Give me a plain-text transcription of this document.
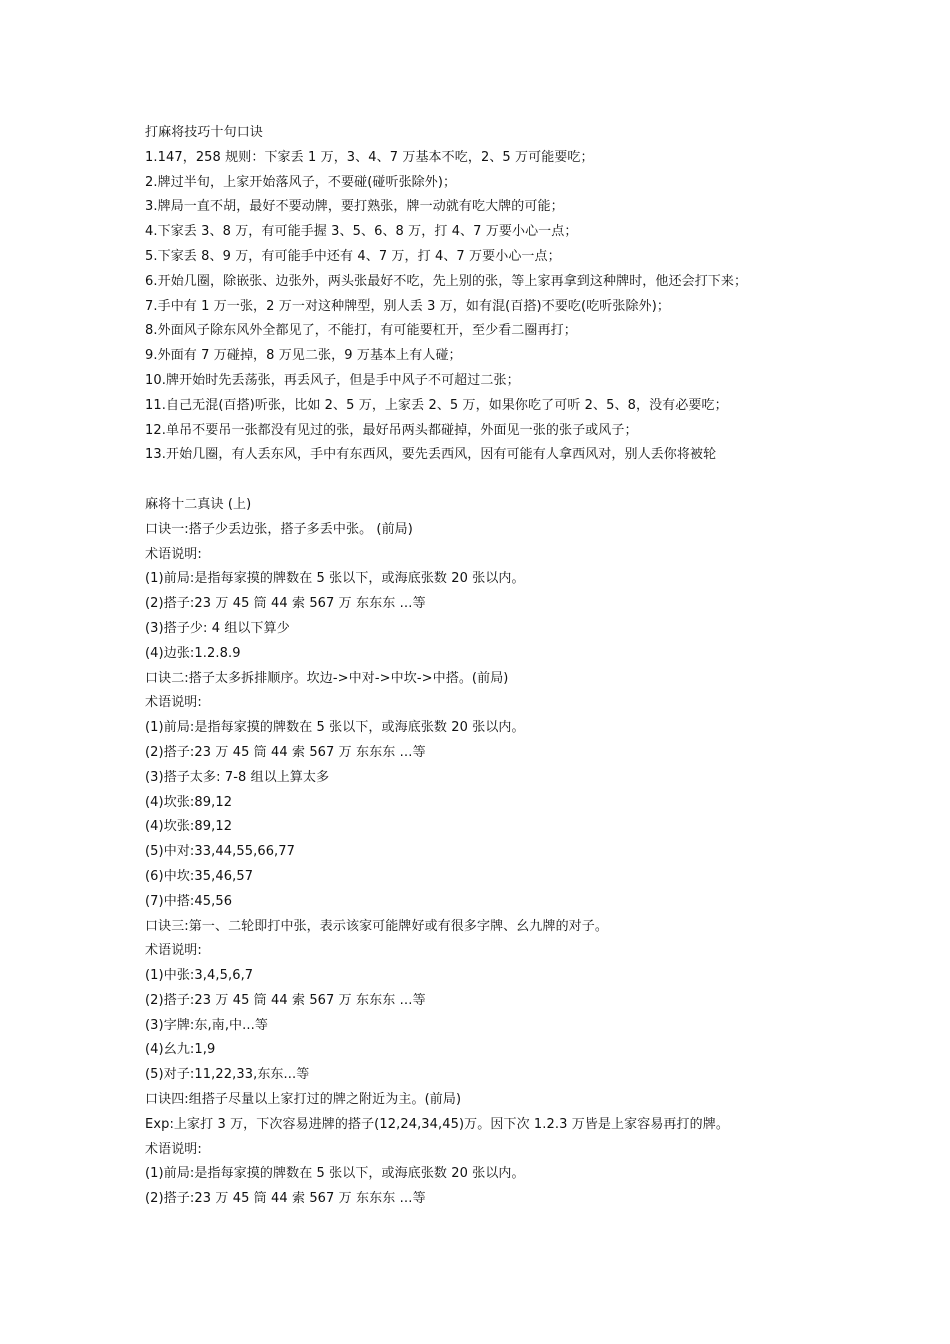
打麻将技巧十句口诀
1.147，258 规则：下家丢 1 万，3、4、7 万基本不吃，2、5 万可能要吃；
2.牌过半旬，上家开始落风子，不要碰(碰听张除外)；
3.牌局一直不胡，最好不要动牌，要打熟张，牌一动就有吃大牌的可能；
4.下家丢 3、8 万，有可能手握 3、5、6、8 万，打 4、7 万要小心一点；
5.下家丢 8、9 万，有可能手中还有 4、7 万，打 4、7 万要小心一点；
6.开始几圈，除嵌张、边张外，两头张最好不吃，先上别的张，等上家再拿到这种牌时，他还会打下来；
7.手中有 1 万一张，2 万一对这种牌型，别人丢 3 万，如有混(百搭)不要吃(吃听张除外)；
8.外面风子除东风外全都见了，不能打，有可能要杠开，至少看二圈再打；
9.外面有 7 万碰掉，8 万见二张，9 万基本上有人碰；
10.牌开始时先丢荡张，再丢风子，但是手中风子不可超过二张；
11.自己无混(百搭)听张，比如 2、5 万，上家丢 2、5 万，如果你吃了可听 2、5、8，没有必要吃；
12.单吊不要吊一张都没有见过的张，最好吊两头都碰掉，外面见一张的张子或风子；
13.开始几圈，有人丢东风，手中有东西风，要先丢西风，因有可能有人拿西风对，别人丢你将被轮
麻将十二真诀 (上)
口诀一:搭子少丢边张，搭子多丢中张。 (前局)
术语说明:
(1)前局:是指每家摸的牌数在 5 张以下，或海底张数 20 张以内。
(2)搭子:23 万 45 筒 44 索 567 万 东东东 …等
(3)搭子少: 4 组以下算少
(4)边张:1.2.8.9
口诀二:搭子太多拆排顺序。坎边->中对->中坎->中搭。(前局)
术语说明:
(1)前局:是指每家摸的牌数在 5 张以下，或海底张数 20 张以内。
(2)搭子:23 万 45 筒 44 索 567 万 东东东 …等
(3)搭子太多: 7-8 组以上算太多
(4)坎张:89,12
(4)坎张:89,12
(5)中对:33,44,55,66,77
(6)中坎:35,46,57
(7)中搭:45,56
口诀三:第一、二轮即打中张，表示该家可能牌好或有很多字牌、幺九牌的对子。
术语说明:
(1)中张:3,4,5,6,7
(2)搭子:23 万 45 筒 44 索 567 万 东东东 …等
(3)字牌:东,南,中...等
(4)幺九:1,9
(5)对子:11,22,33,东东...等
口诀四:组搭子尽量以上家打过的牌之附近为主。(前局)
Exp:上家打 3 万，下次容易进牌的搭子(12,24,34,45)万。因下次 1.2.3 万皆是上家容易再打的牌。
术语说明:
(1)前局:是指每家摸的牌数在 5 张以下，或海底张数 20 张以内。
(2)搭子:23 万 45 筒 44 索 567 万 东东东 …等
